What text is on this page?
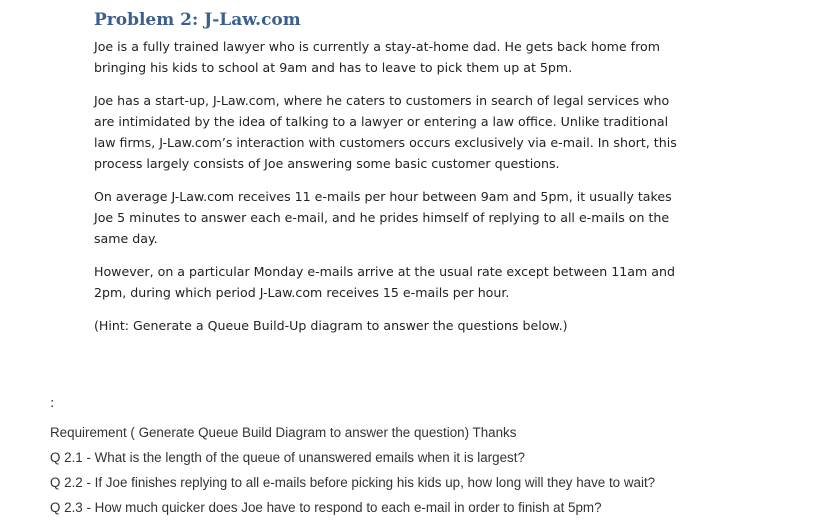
Problem 2: J-Law.com

Joe is a fully trained lawyer who is currently a stay-at-home dad. He gets back home from
bringing his kids to school at 9am and has to leave to pick them up at 5pm.

Joe has a start-up, J-Law.com, where he caters to customers in search of legal services who
are intimidated by the idea of talking to a lawyer or entering a law office. Unlike traditional
law firms, J-Law.com’s interaction with customers occurs exclusively via e-mail. In short, this
process largely consists of Joe answering some basic customer questions.

On average J-Law.com receives 11 e-mails per hour between 9am and 5pm, it usually takes
Joe 5 minutes to answer each e-mail, and he prides himself of replying to all e-mails on the
same day.

However, on a particular Monday e-mails arrive at the usual rate except between 11am and
2pm, during which period J-Law.com receives 15 e-mails per hour.

(Hint: Generate a Queue Build-Up diagram to answer the questions below.)

:
Requirement ( Generate Queue Build Diagram to answer the question) Thanks
Q 2.1 - What is the length of the queue of unanswered emails when it is largest?
Q 2.2 - If Joe finishes replying to all e-mails before picking his kids up, how long will they have to wait?
Q 2.3 - How much quicker does Joe have to respond to each e-mail in order to finish at 5pm?
